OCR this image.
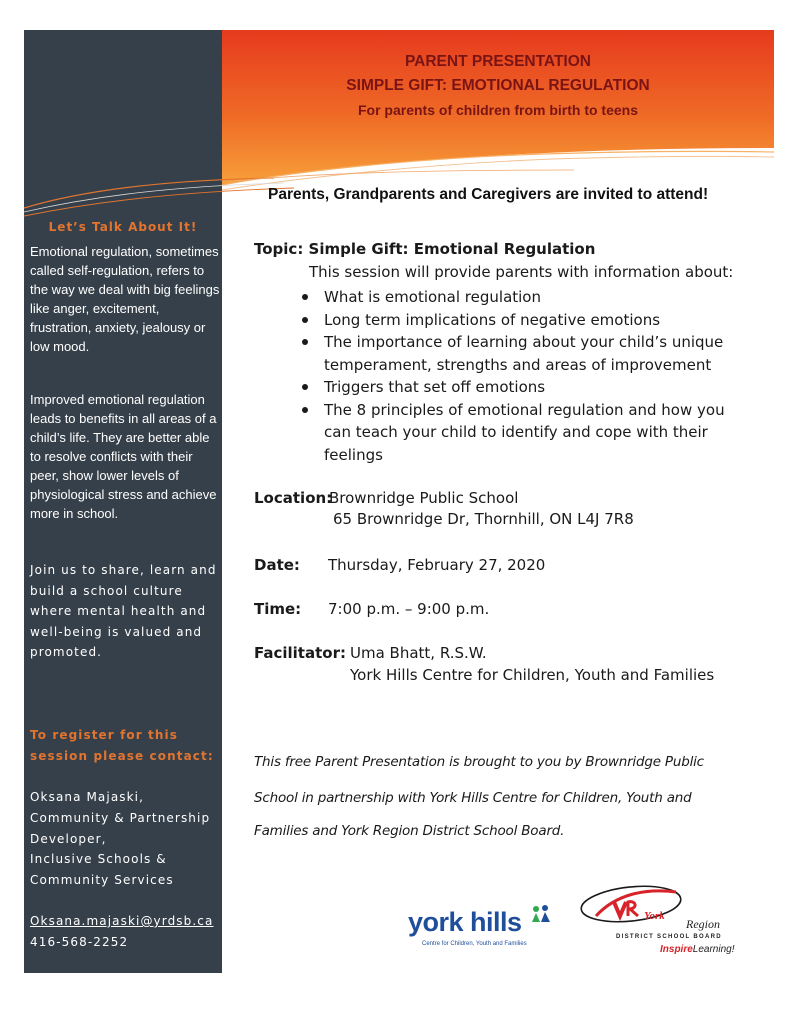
PARENT PRESENTATION
SIMPLE GIFT: EMOTIONAL REGULATION
For parents of children from birth to teens
Parents, Grandparents and Caregivers are invited to attend!
Let’s Talk About It!
Emotional regulation, sometimes called self-regulation, refers to the way we deal with big feelings like anger, excitement, frustration, anxiety, jealousy or low mood.
Improved emotional regulation leads to benefits in all areas of a child’s life. They are better able to resolve conflicts with their peer, show lower levels of physiological stress and achieve more in school.
Join us to share, learn and build a school culture where mental health and well-being is valued and promoted.
To register for this session please contact:
Oksana Majaski,
Community & Partnership Developer,
Inclusive Schools & Community Services
Oksana.majaski@yrdsb.ca
416-568-2252
Topic: Simple Gift: Emotional Regulation
This session will provide parents with information about:
What is emotional regulation
Long term implications of negative emotions
The importance of learning about your child’s unique temperament, strengths and areas of improvement
Triggers that set off emotions
The 8 principles of emotional regulation and how you can teach your child to identify and cope with their feelings
Location:
Brownridge Public School
65 Brownridge Dr, Thornhill, ON L4J 7R8
Date: Thursday, February 27, 2020
Time: 7:00 p.m. – 9:00 p.m.
Facilitator: Uma Bhatt, R.S.W.
York Hills Centre for Children, Youth and Families
This free Parent Presentation is brought to you by Brownridge Public
School in partnership with York Hills Centre for Children, Youth and
Families and York Region District School Board.
york hills
Centre for Children, Youth and Families
York
Region
DISTRICT SCHOOL BOARD
InspireLearning!
